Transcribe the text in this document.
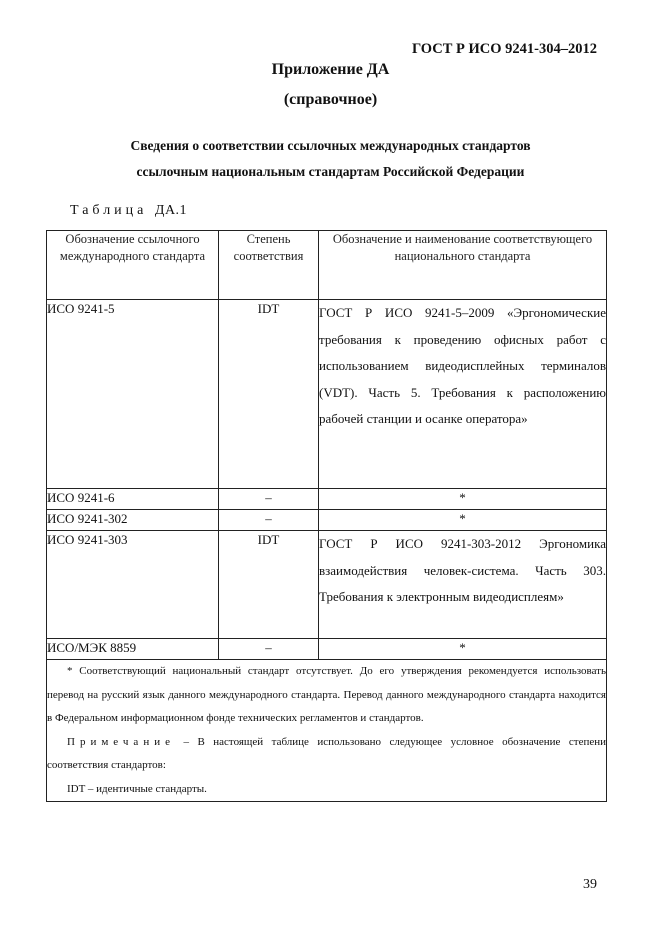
ГОСТ Р ИСО 9241-304–2012
Приложение ДА
(справочное)
Сведения о соответствии ссылочных международных стандартов
ссылочным национальным стандартам Российской Федерации
Таблица ДА.1
Обозначение ссылочного международного стандарта	Степень соответствия	Обозначение и наименование соответствующего национального стандарта
ИСО 9241-5	IDT	ГОСТ Р ИСО 9241-5–2009 «Эргономические требования к проведению офисных работ с использованием видеодисплейных терминалов (VDT). Часть 5. Требования к расположению рабочей станции и осанке оператора»
ИСО 9241-6	–	*
ИСО 9241-302	–	*
ИСО 9241-303	IDT	ГОСТ Р ИСО 9241-303-2012 Эргономика взаимодействия человек-система. Часть 303. Требования к электронным видеодисплеям»
ИСО/МЭК 8859	–	*

* Соответствующий национальный стандарт отсутствует. До его утверждения рекомендуется использовать перевод на русский язык данного международного стандарта. Перевод данного международного стандарта находится в Федеральном информационном фонде технических регламентов и стандартов.
Примечание – В настоящей таблице использовано следующее условное обозначение степени соответствия стандартов:
IDT – идентичные стандарты.		
39
